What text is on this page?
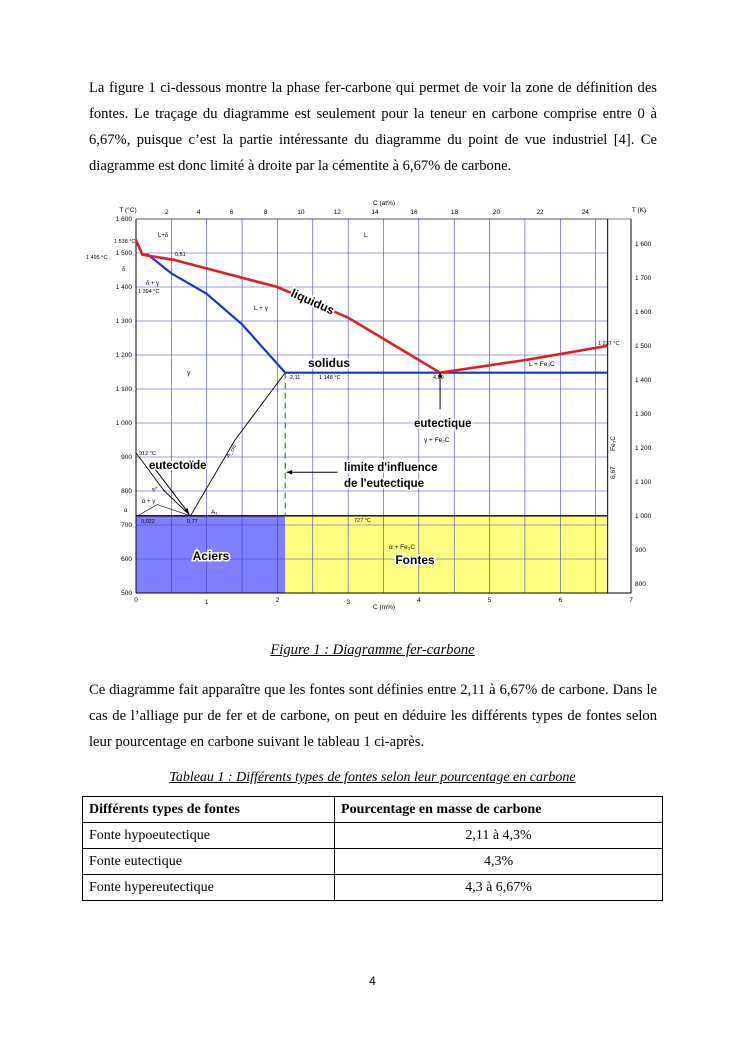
La figure 1 ci-dessous montre la phase fer-carbone qui permet de voir la zone de définition des fontes. Le traçage du diagramme est seulement pour la teneur en carbone comprise entre 0 à 6,67%, puisque c’est la partie intéressante du diagramme du point de vue industriel [4]. Ce diagramme est donc limité à droite par la cémentite à 6,67% de carbone.

500
600
700
800
900
1 000
1 100
1 200
1 300
1 400
1 500
1 600
0	1	2	3	4	5	6	7
2	4	6	8	10	12	14	16	18	20	22	24
800
900
1 000
1 100
1 200
1 300
1 400
1 500
1 600
1 700
1 600
T (°C)	T (K)
C (at%)
C (m%)
liquidus
solidus
eutectique
eutectoïde	limite d'influence
de l'eutectique
Aciers	Fontes
L
L+δ
L + γ
γ
δ
δ + γ
γ + Fe₃C
L + Fe₃C
α + γ
α
α + Fe₃C
Fe₃C
6,67
A₁
A₃
A_cm
1 538 °C
1 495 °C
1 394 °C
1 148 °C
1 227 °C
912 °C
727 °C
2,11	4,30
0,77
0,022
0,51

Figure 1 : Diagramme fer-carbone

Ce diagramme fait apparaître que les fontes sont définies entre 2,11 à 6,67% de carbone. Dans le cas de l’alliage pur de fer et de carbone, on peut en déduire les différents types de fontes selon leur pourcentage en carbone suivant le tableau 1 ci-après.

Tableau 1 : Différents types de fontes selon leur pourcentage en carbone

Différents types de fontes	Pourcentage en masse de carbone
Fonte hypoeutectique	2,11 à 4,3%
Fonte eutectique	4,3%
Fonte hypereutectique	4,3 à 6,67%
4
